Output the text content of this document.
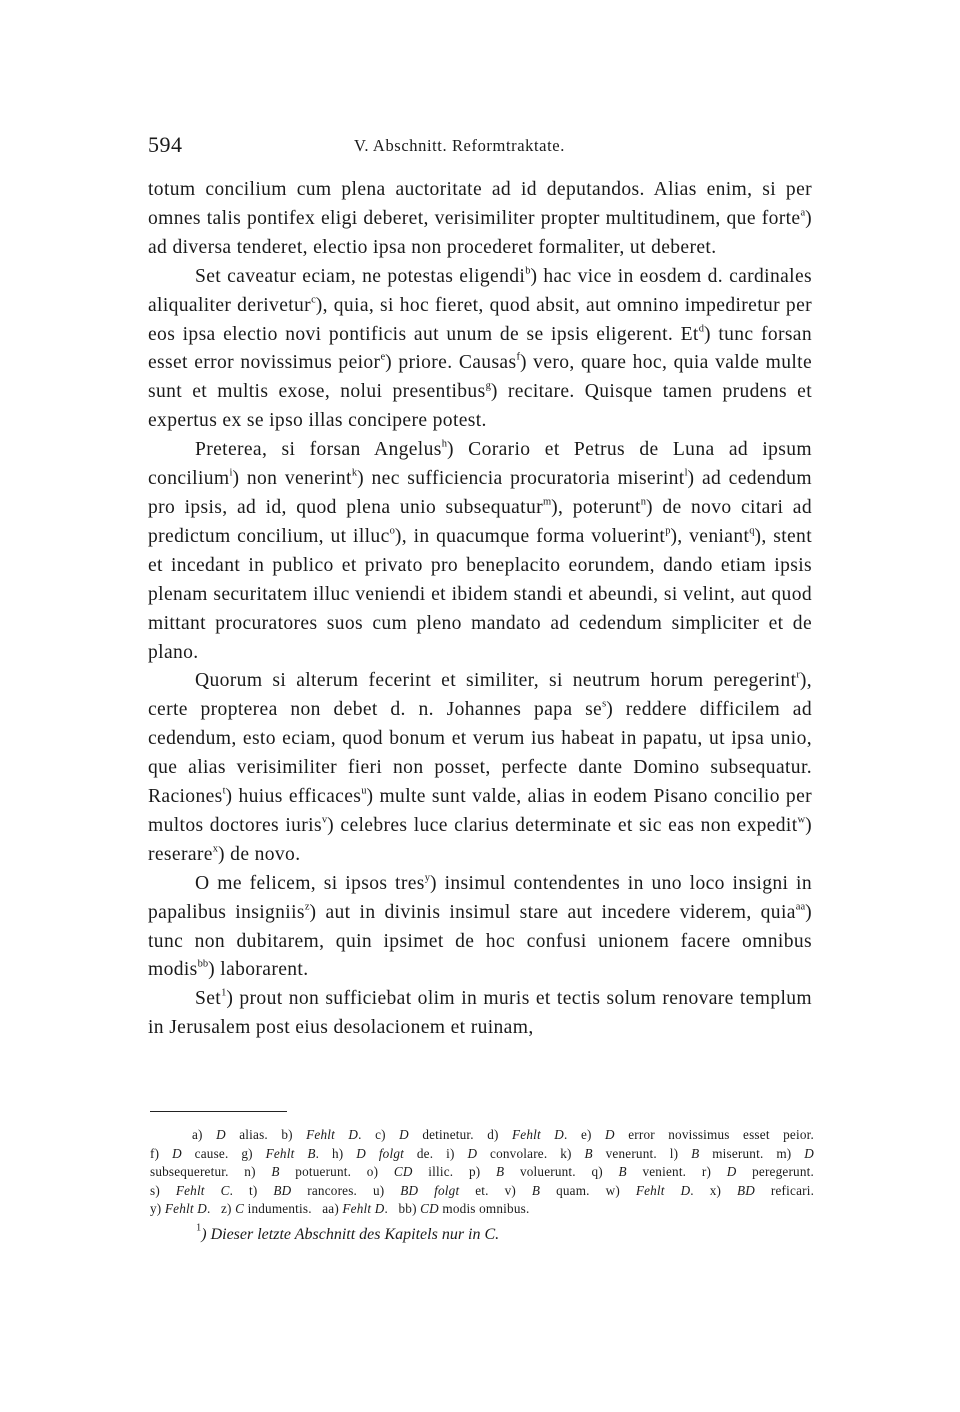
594	V. Abschnitt. Reformtraktate.

totum concilium cum plena auctoritate ad id deputandos. Alias enim, si per omnes talis pontifex eligi deberet, verisimiliter propter multitudinem, que forte$^a$) ad diversa tenderet, electio ipsa non procederet formaliter, ut deberet.

Set caveatur eciam, ne potestas eligendi$^b$) hac vice in eosdem d. cardinales aliqualiter derivetur$^c$), quia, si hoc fieret, quod absit, aut omnino impediretur per eos ipsa electio novi pontificis aut unum de se ipsis eligerent. Et$^d$) tunc forsan esset error novissimus peior$^e$) priore. Causas$^f$) vero, quare hoc, quia valde multe sunt et multis exose, nolui presentibus$^g$) recitare. Quisque tamen prudens et expertus ex se ipso illas concipere potest.

Preterea, si forsan Angelus$^h$) Corario et Petrus de Luna ad ipsum concilium$^i$) non venerint$^k$) nec sufficiencia procuratoria miserint$^l$) ad cedendum pro ipsis, ad id, quod plena unio subsequatur$^m$), poterunt$^n$) de novo citari ad predictum concilium, ut illuc$^o$), in quacumque forma voluerint$^p$), veniant$^q$), stent et incedant in publico et privato pro beneplacito eorundem, dando etiam ipsis plenam securitatem illuc veniendi et ibidem standi et abeundi, si velint, aut quod mittant procuratores suos cum pleno mandato ad cedendum simpliciter et de plano.

Quorum si alterum fecerint et similiter, si neutrum horum peregerint$^r$), certe propterea non debet d. n. Johannes papa $se^s$) reddere difficilem ad cedendum, esto eciam, quod bonum et verum ius habeat in papatu, ut ipsa unio, que alias verisimiliter fieri non posset, perfecte dante Domino subsequatur. Raciones$^t$) huius efficaces$^u$) multe sunt valde, alias in eodem Pisano concilio per multos doctores iuris$^v$) celebres luce clarius determinate et sic eas non expedit$^w$) reserare$^x$) de novo.

O me felicem, si ipsos tres$^y$) insimul contendentes in uno loco insigni in papalibus insigniis$^z$) aut in divinis insimul stare aut incedere viderem, quia$^{aa}$) tunc non dubitarem, quin ipsimet de hoc confusi unionem facere omnibus modis$^{bb}$) laborarent.

Set$^1$) prout non sufficiebat olim in muris et tectis solum renovare templum in Jerusalem post eius desolacionem et ruinam,

a) D alias. b) Fehlt D. c) D detinetur. d) Fehlt D. e) D error novissimus esset peior.
f) D cause. g) Fehlt B. h) D folgt de. i) D convolare. k) B venerunt. l) B miserunt. m) D
subsequeretur. n) B potuerunt. o) CD illic. p) B voluerunt. q) B venient. r) D peregerunt.
s) Fehlt C. t) BD rancores. u) BD folgt et. v) B quam. w) Fehlt D. x) BD reficari.
y) Fehlt D. z) C indumentis. aa) Fehlt D. bb) CD modis omnibus.
$^1$) Dieser letzte Abschnitt des Kapitels nur in C.
